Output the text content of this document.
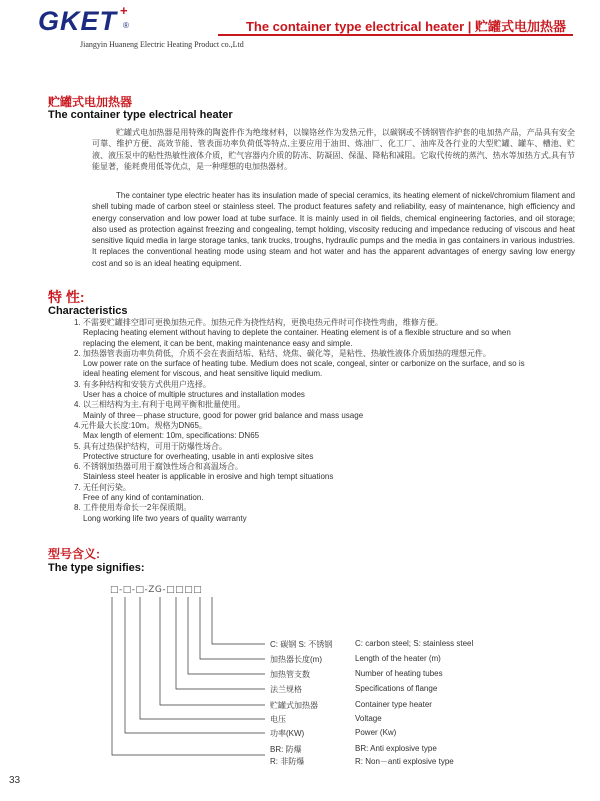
GKET +
®
Jiangyin Huaneng Electric Heating Product co.,Ltd
The container type electrical heater | 贮罐式电加热器
贮罐式电加热器
The container type electrical heater
贮罐式电加热器是用特殊的陶瓷件作为绝缘材料，以镍铬丝作为发热元件，以碳钢或不锈钢管作护套的电加热产品，产品具有安全可靠、维护方便、高效节能、管表面功率负荷低等特点,主要应用于油田、炼油厂、化工厂、油库及各行业的大型贮罐、罐车、槽池、贮液、液压泵中的粘性热敏性液体介质，贮气容器内介质的防冻、防凝固、保温、降粘和减阻。它取代传统的蒸汽、热水等加热方式,具有节能显著，能耗费用低等优点，是一种理想的电加热器材。
The container type electric heater has its insulation made of special ceramics, its heating element of nickel/chromium filament and shell tubing made of carbon steel or stainless steel. The product features safety and reliability, easy of maintenance, high efficiency and energy conservation and low power load at tube surface. It is mainly used in oil fields, chemical engineering factories, and oil storage; also used as protection against freezing and congealing, tempt holding, viscosity reducing and impedance reducing of viscous and heat sensitive liquid media in large storage tanks, tank trucks, troughs, hydraulic pumps and the media in gas containers in various industries. It replaces the conventional heating mode using steam and hot water and has the apparent advantages of energy saving low energy cost and so is an ideal heating equipment.
特 性:
Characteristics
1. 不需要贮罐排空即可更换加热元件。加热元件为挠性结构，更换电热元件时可作挠性弯曲，维修方便。
Replacing heating element without having to deplete the container. Heating element is of a flexible structure and so when
replacing the element, it can be bent, making maintenance easy and simple.
2. 加热器管表面功率负荷低，介质不会在表面结垢、粘结、烧焦、碳化等，是粘性、热敏性液体介质加热的理想元件。
Low power rate on the surface of heating tube. Medium does not scale, congeal, sinter or carbonize on the surface, and so is
ideal heating element for viscous, and heat sensitive liquid medium.
3. 有多种结构和安装方式供用户选择。
User has a choice of multiple structures and installation modes
4. 以三相结构为主,有利于电网平衡和批量使用。
Mainly of three－phase structure, good for power grid balance and mass usage
4.元件最大长度:10m。规格为DN65。
Max length of element: 10m, specifications: DN65
5. 具有过热保护结构，可用于防爆性场合。
Protective structure for overheating, usable in anti explosive sites
6. 不锈钢加热器可用于腐蚀性场合和高温场合。
Stainless steel heater is applicable in erosive and high tempt situations
7. 无任何污染。
Free of any kind of contamination.
8. 工件使用寿命长一2年保质期。
Long working life two years of quality warranty
型号含义:
The type signifies:
□-□-□-ZG-□□□□
C: 碳钢 S: 不锈钢	C: carbon steel; S: stainless steel
加热器长度(m)	Length of the heater (m)
加热管支数	Number of heating tubes
法兰规格	Specifications of flange
贮罐式加热器	Container type heater
电压	Voltage
功率(KW)	Power (Kw)
BR: 防爆	BR: Anti explosive type
R: 非防爆	R: Non－anti explosive type
33
